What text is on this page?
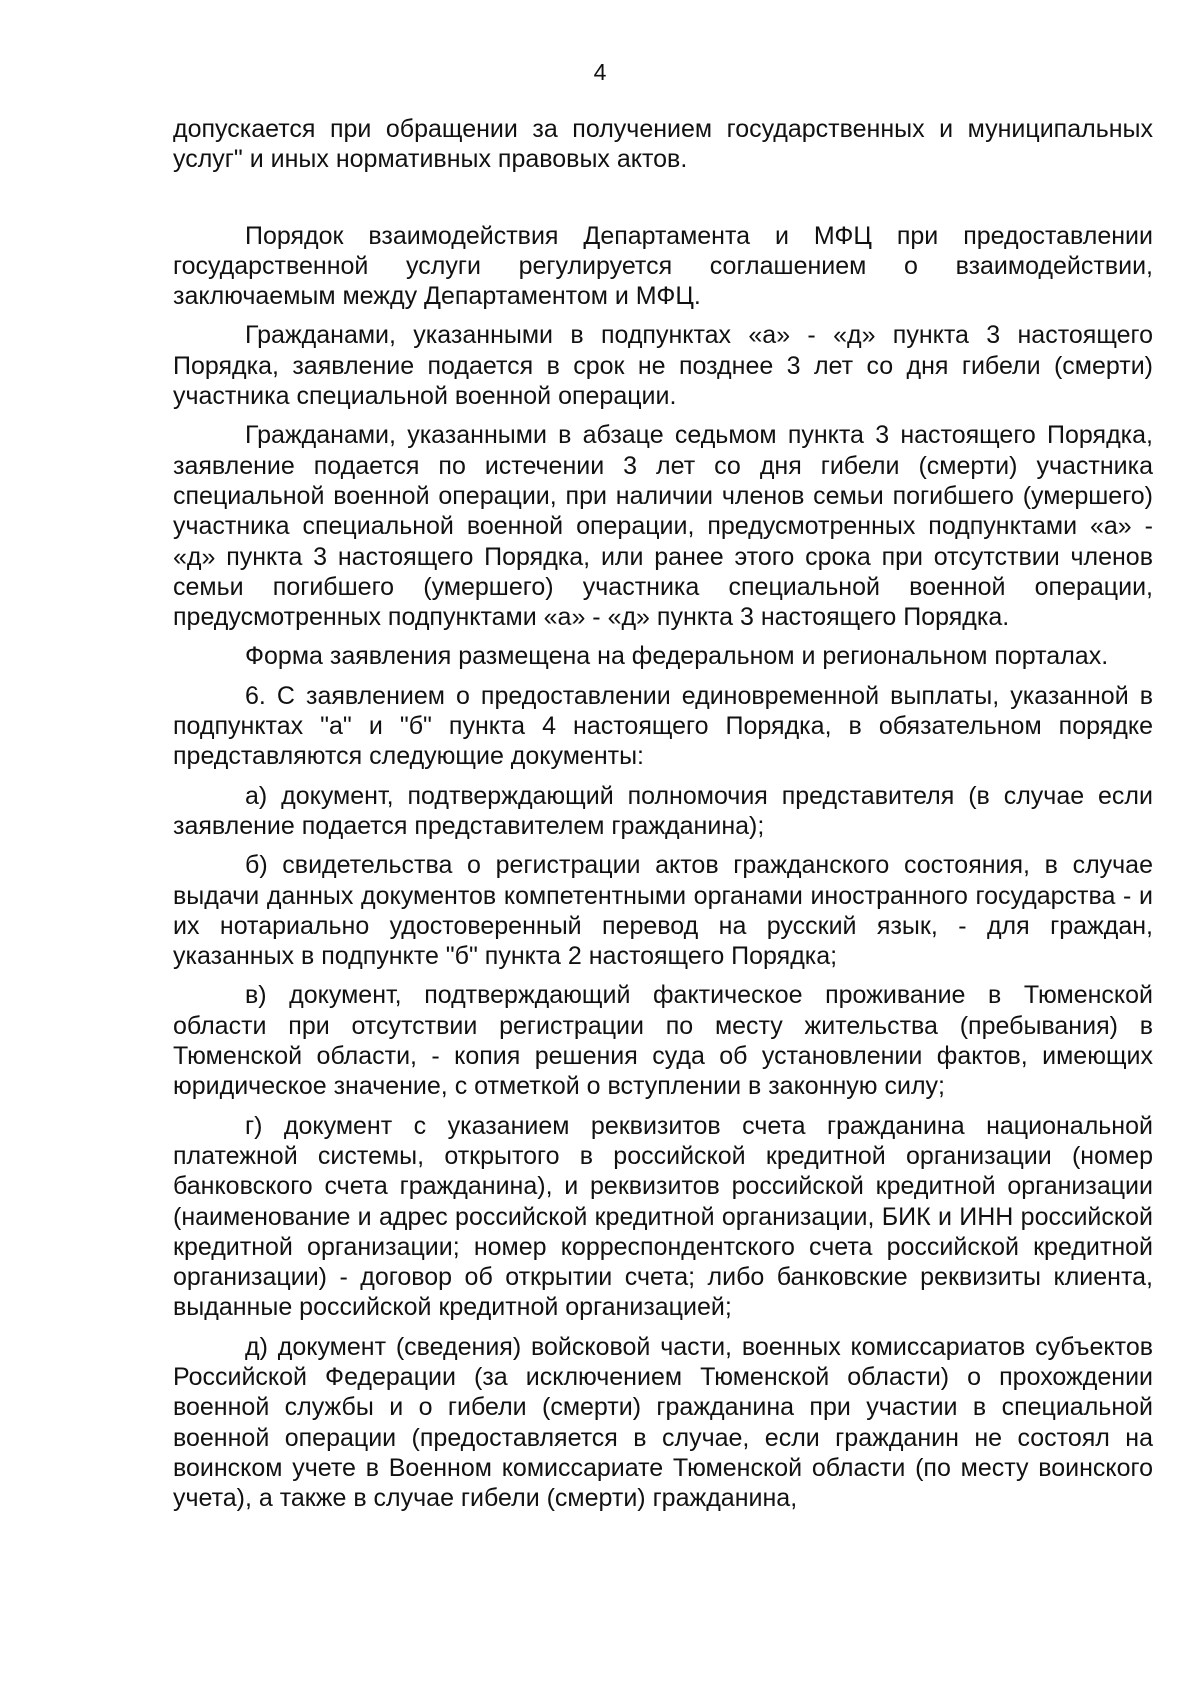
4

допускается при обращении за получением государственных и муниципальных услуг" и иных нормативных правовых актов.

Порядок взаимодействия Департамента и МФЦ при предоставлении государственной услуги регулируется соглашением о взаимодействии, заключаемым между Департаментом и МФЦ.

Гражданами, указанными в подпунктах «а» - «д» пункта 3 настоящего Порядка, заявление подается в срок не позднее 3 лет со дня гибели (смерти) участника специальной военной операции.

Гражданами, указанными в абзаце седьмом пункта 3 настоящего Порядка, заявление подается по истечении 3 лет со дня гибели (смерти) участника специальной военной операции, при наличии членов семьи погибшего (умершего) участника специальной военной операции, предусмотренных подпунктами «а» - «д» пункта 3 настоящего Порядка, или ранее этого срока при отсутствии членов семьи погибшего (умершего) участника специальной военной операции, предусмотренных подпунктами «а» - «д» пункта 3 настоящего Порядка.

Форма заявления размещена на федеральном и региональном порталах.

6. С заявлением о предоставлении единовременной выплаты, указанной в подпунктах "а" и "б" пункта 4 настоящего Порядка, в обязательном порядке представляются следующие документы:

а) документ, подтверждающий полномочия представителя (в случае если заявление подается представителем гражданина);

б) свидетельства о регистрации актов гражданского состояния, в случае выдачи данных документов компетентными органами иностранного государства - и их нотариально удостоверенный перевод на русский язык, - для граждан, указанных в подпункте "б" пункта 2 настоящего Порядка;

в) документ, подтверждающий фактическое проживание в Тюменской области при отсутствии регистрации по месту жительства (пребывания) в Тюменской области, - копия решения суда об установлении фактов, имеющих юридическое значение, с отметкой о вступлении в законную силу;

г) документ с указанием реквизитов счета гражданина национальной платежной системы, открытого в российской кредитной организации (номер банковского счета гражданина), и реквизитов российской кредитной организации (наименование и адрес российской кредитной организации, БИК и ИНН российской кредитной организации; номер корреспондентского счета российской кредитной организации) - договор об открытии счета; либо банковские реквизиты клиента, выданные российской кредитной организацией;

д) документ (сведения) войсковой части, военных комиссариатов субъектов Российской Федерации (за исключением Тюменской области) о прохождении военной службы и о гибели (смерти) гражданина при участии в специальной военной операции (предоставляется в случае, если гражданин не состоял на воинском учете в Военном комиссариате Тюменской области (по месту воинского учета), а также в случае гибели (смерти) гражданина,
